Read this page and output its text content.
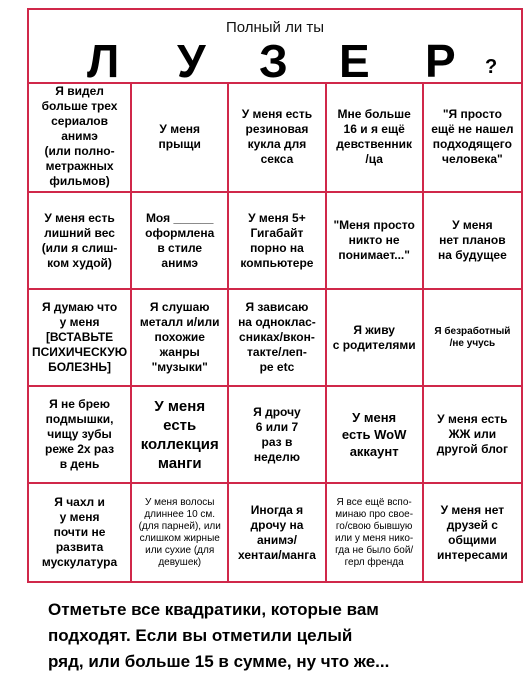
Полный ли ты
Л У З Е Р ?
Я видел
больше трех
сериалов анимэ
(или полно-
метражных
фильмов)
У меня
прыщи
У меня есть
резиновая
кукла для
секса
Мне больше
16 и я ещё
девственник
/ца
"Я просто
ещё не нашел
подходящего
человека"
У меня есть
лишний вес
(или я слиш-
ком худой)
Моя ______
оформлена
в стиле
анимэ
У меня 5+
Гигабайт
порно на
компьютере
"Меня просто
никто не
понимает..."
У меня
нет планов
на будущее
Я думаю что
у меня
[ВСТАВЬТЕ
ПСИХИЧЕСКУЮ
БОЛЕЗНЬ]
Я слушаю
металл и/или
похожие
жанры
"музыки"
Я зависаю
на однoклас-
сниках/вкон-
такте/леп-
ре etc
Я живу
с родителями
Я безработный
/не учусь
Я не брею
подмышки,
чищу зубы
реже 2х раз
в день
У меня
есть
коллекция
манги
Я дрочу
6 или 7
раз в
неделю
У меня
есть WoW
аккаунт
У меня есть
ЖЖ или
другой блог
Я чахл и
у меня
почти не
развита
мускулатура
У меня волосы
длиннее 10 см.
(для парней), или
слишком жирные
или сухие (для
девушек)
Иногда я
дрочу на
анимэ/
хентаи/манга
Я все ещё вспо-
минаю про свое-
го/свою бывшую
или у меня нико-
гда не было бой/
герл френда
У меня нет
друзей с
общими
интересами
Отметьте все квадратики, которые вам
подходят. Если вы отметили целый
ряд, или больше 15 в сумме, ну что же...
